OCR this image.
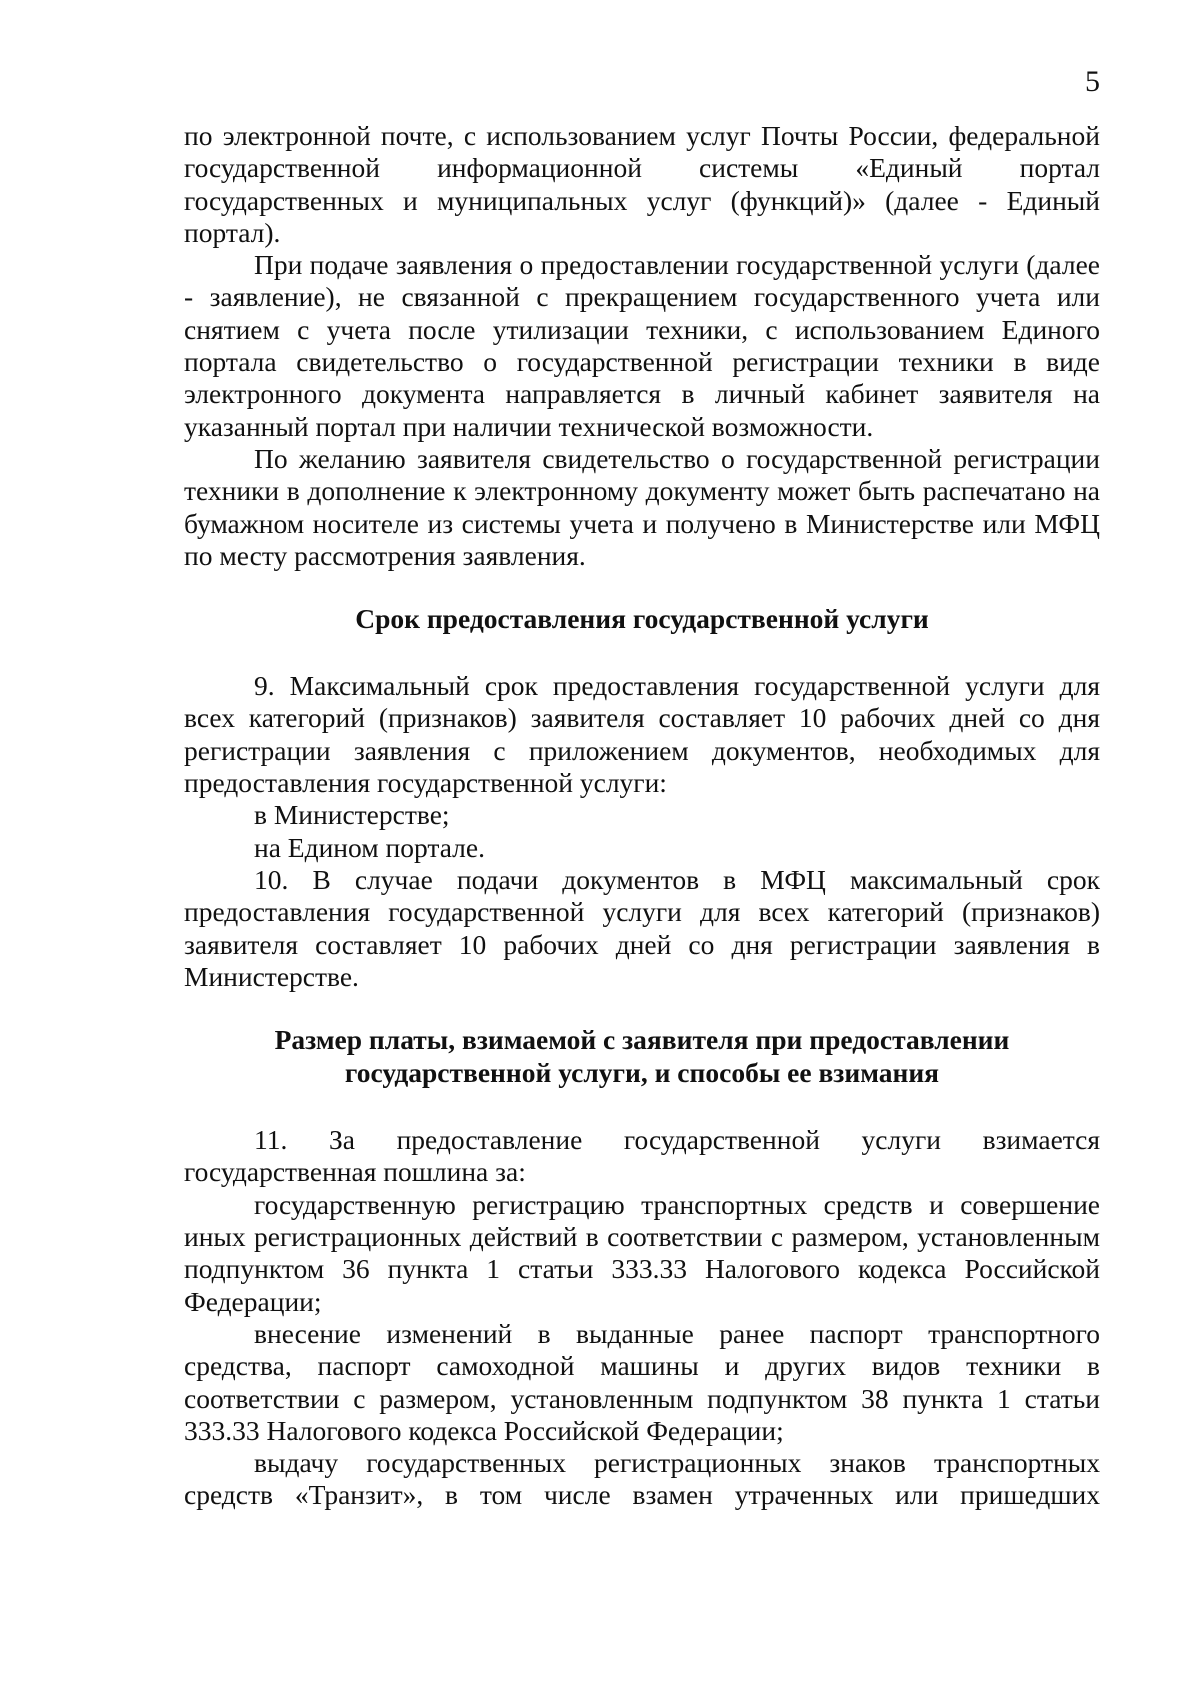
5

по электронной почте, с использованием услуг Почты России, федеральной государственной информационной системы «Единый портал государственных и муниципальных услуг (функций)» (далее - Единый портал).

При подаче заявления о предоставлении государственной услуги (далее - заявление), не связанной с прекращением государственного учета или снятием с учета после утилизации техники, с использованием Единого портала свидетельство о государственной регистрации техники в виде электронного документа направляется в личный кабинет заявителя на указанный портал при наличии технической возможности.

По желанию заявителя свидетельство о государственной регистрации техники в дополнение к электронному документу может быть распечатано на бумажном носителе из системы учета и получено в Министерстве или МФЦ по месту рассмотрения заявления.

Срок предоставления государственной услуги

9. Максимальный срок предоставления государственной услуги для всех категорий (признаков) заявителя составляет 10 рабочих дней со дня регистрации заявления с приложением документов, необходимых для предоставления государственной услуги:

в Министерстве;

на Едином портале.

10. В случае подачи документов в МФЦ максимальный срок предоставления государственной услуги для всех категорий (признаков) заявителя составляет 10 рабочих дней со дня регистрации заявления в Министерстве.

Размер платы, взимаемой с заявителя при предоставлении

государственной услуги, и способы ее взимания

11. За предоставление государственной услуги взимается государственная пошлина за:

государственную регистрацию транспортных средств и совершение иных регистрационных действий в соответствии с размером, установленным подпунктом 36 пункта 1 статьи 333.33 Налогового кодекса Российской Федерации;

внесение изменений в выданные ранее паспорт транспортного средства, паспорт самоходной машины и других видов техники в соответствии с размером, установленным подпунктом 38 пункта 1 статьи 333.33 Налогового кодекса Российской Федерации;

выдачу государственных регистрационных знаков транспортных средств «Транзит», в том числе взамен утраченных или пришедших
